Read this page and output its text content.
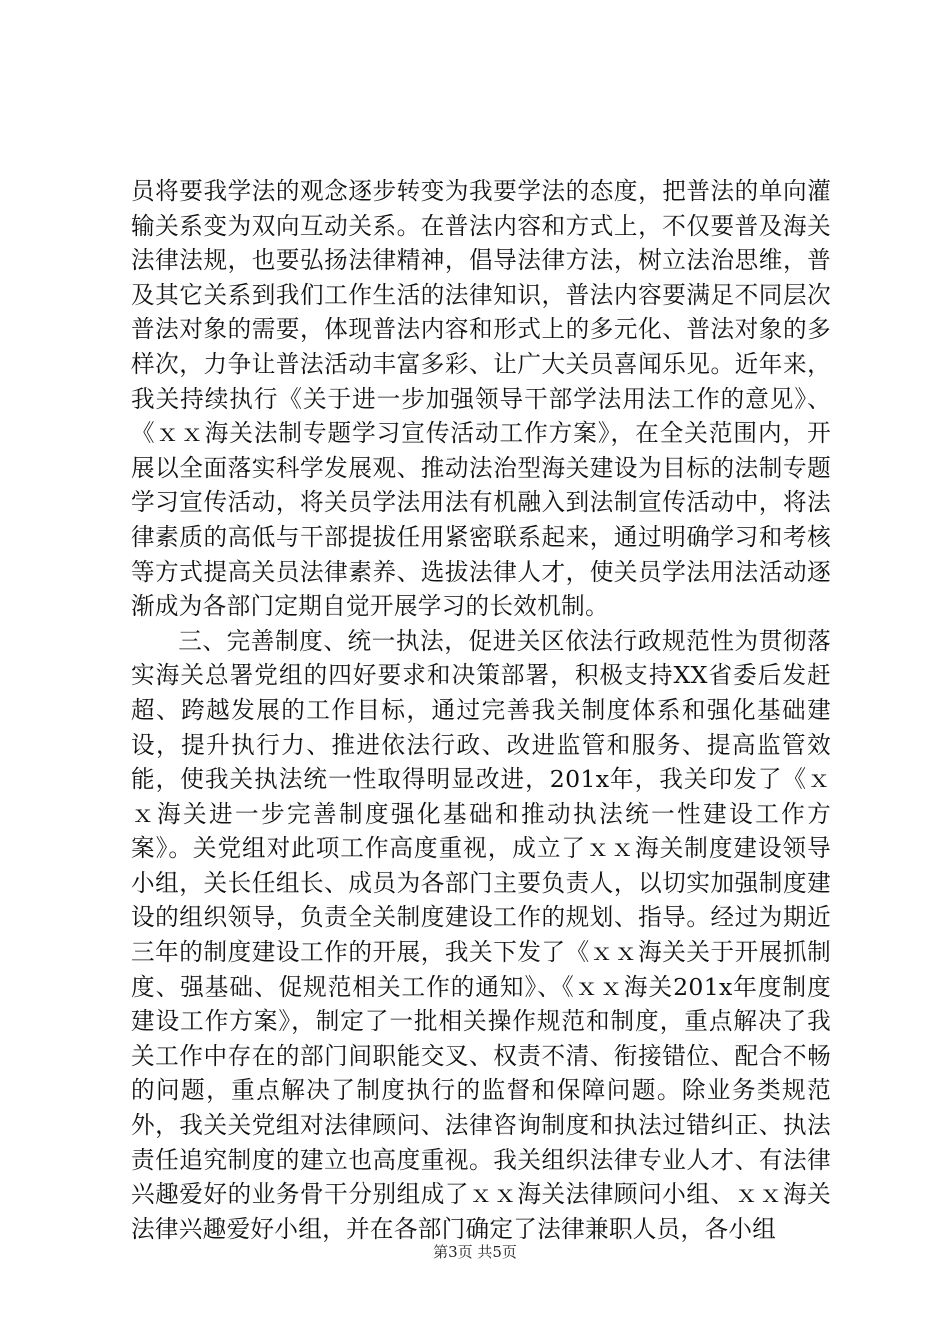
员将要我学法的观念逐步转变为我要学法的态度，把普法的单向灌输关系变为双向互动关系。在普法内容和方式上，不仅要普及海关法律法规，也要弘扬法律精神，倡导法律方法，树立法治思维，普及其它关系到我们工作生活的法律知识，普法内容要满足不同层次普法对象的需要，体现普法内容和形式上的多元化、普法对象的多样次，力争让普法活动丰富多彩、让广大关员喜闻乐见。近年来，我关持续执行《关于进一步加强领导干部学法用法工作的意见》、《ｘｘ海关法制专题学习宣传活动工作方案》，在全关范围内，开展以全面落实科学发展观、推动法治型海关建设为目标的法制专题学习宣传活动，将关员学法用法有机融入到法制宣传活动中，将法律素质的高低与干部提拔任用紧密联系起来，通过明确学习和考核等方式提高关员法律素养、选拔法律人才，使关员学法用法活动逐渐成为各部门定期自觉开展学习的长效机制。

三、完善制度、统一执法，促进关区依法行政规范性为贯彻落实海关总署党组的四好要求和决策部署，积极支持XX省委后发赶超、跨越发展的工作目标，通过完善我关制度体系和强化基础建设，提升执行力、推进依法行政、改进监管和服务、提高监管效能，使我关执法统一性取得明显改进，201x年，我关印发了《ｘｘ海关进一步完善制度强化基础和推动执法统一性建设工作方案》。关党组对此项工作高度重视，成立了ｘｘ海关制度建设领导小组，关长任组长、成员为各部门主要负责人，以切实加强制度建设的组织领导，负责全关制度建设工作的规划、指导。经过为期近三年的制度建设工作的开展，我关下发了《ｘｘ海关关于开展抓制度、强基础、促规范相关工作的通知》、《ｘｘ海关201x年度制度建设工作方案》，制定了一批相关操作规范和制度，重点解决了我关工作中存在的部门间职能交叉、权责不清、衔接错位、配合不畅的问题，重点解决了制度执行的监督和保障问题。除业务类规范外，我关关党组对法律顾问、法律咨询制度和执法过错纠正、执法责任追究制度的建立也高度重视。我关组织法律专业人才、有法律兴趣爱好的业务骨干分别组成了ｘｘ海关法律顾问小组、ｘｘ海关法律兴趣爱好小组，并在各部门确定了法律兼职人员，各小组

第3页 共5页
